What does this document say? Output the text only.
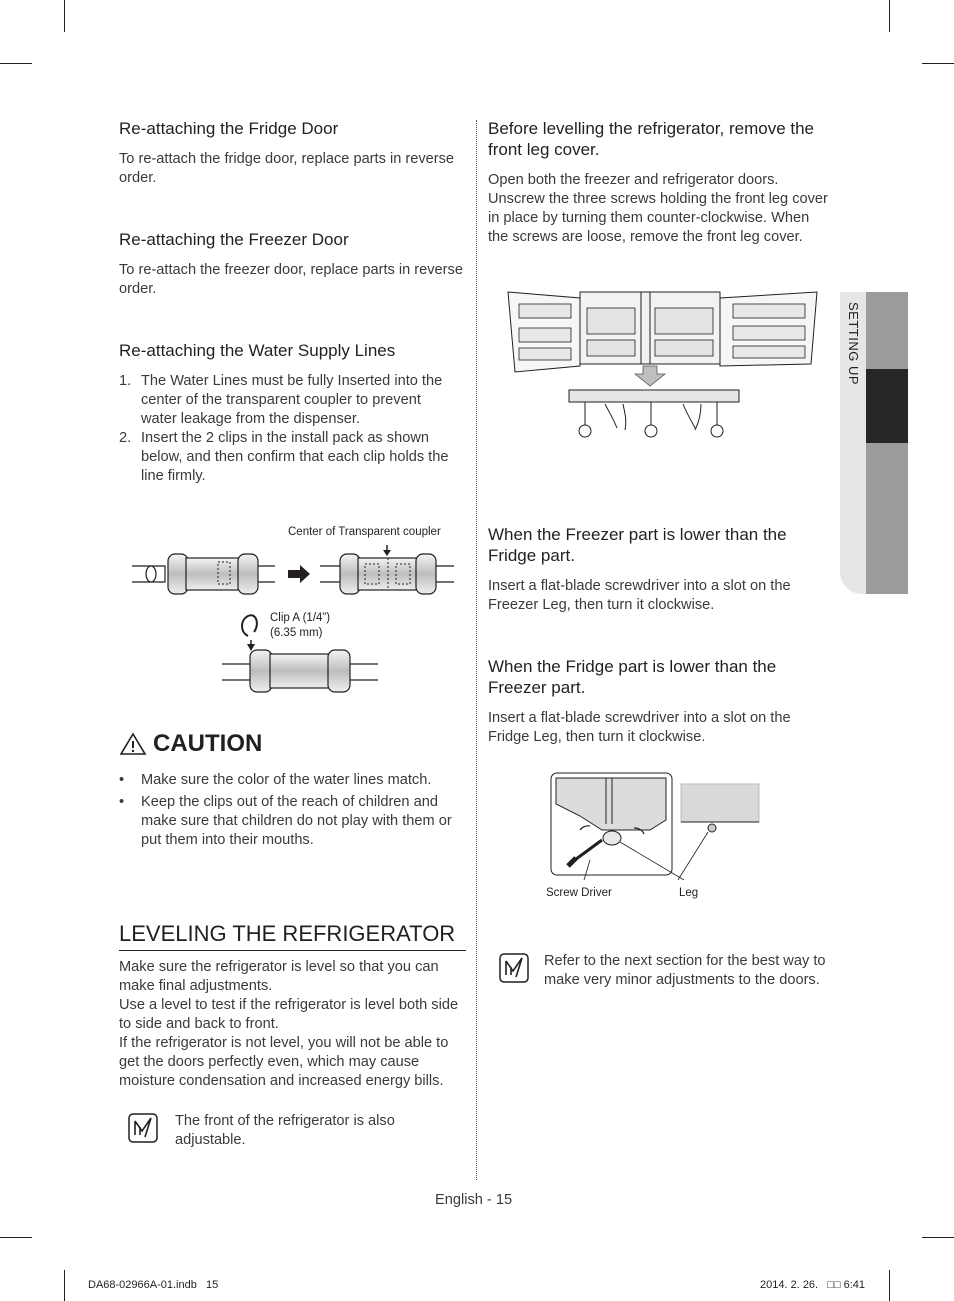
SETTING UP
Re-attaching the Fridge Door
To re-attach the fridge door, replace parts in reverse order.
Re-attaching the Freezer Door
To re-attach the freezer door, replace parts in reverse order.
Re-attaching the Water Supply Lines
1. The Water Lines must be fully Inserted into the center of the transparent coupler to prevent water leakage from the dispenser.
2. Insert the 2 clips in the install pack as shown below, and then confirm that each clip holds the line firmly.
Center of Transparent coupler
Clip A (1/4”)
(6.35 mm)
CAUTION
• Make sure the color of the water lines match.
• Keep the clips out of the reach of children and make sure that children do not play with them or put them into their mouths.
LEVELING THE REFRIGERATOR
Make sure the refrigerator is level so that you can make final adjustments.
Use a level to test if the refrigerator is level both side to side and back to front.
If the refrigerator is not level, you will not be able to get the doors perfectly even, which may cause moisture condensation and increased energy bills.
The front of the refrigerator is also adjustable.
Before levelling the refrigerator, remove the front leg cover.
Open both the freezer and refrigerator doors. Unscrew the three screws holding the front leg cover in place by turning them counter-clockwise. When the screws are loose, remove the front leg cover.
When the Freezer part is lower than the Fridge part.
Insert a flat-blade screwdriver into a slot on the Freezer Leg, then turn it clockwise.
When the Fridge part is lower than the Freezer part.
Insert a flat-blade screwdriver into a slot on the Fridge Leg, then turn it clockwise.
Screw Driver	Leg
Refer to the next section for the best way to make very minor adjustments to the doors.
English - 15
DA68-02966A-01.indb   15	2014. 2. 26.   □□ 6:41
